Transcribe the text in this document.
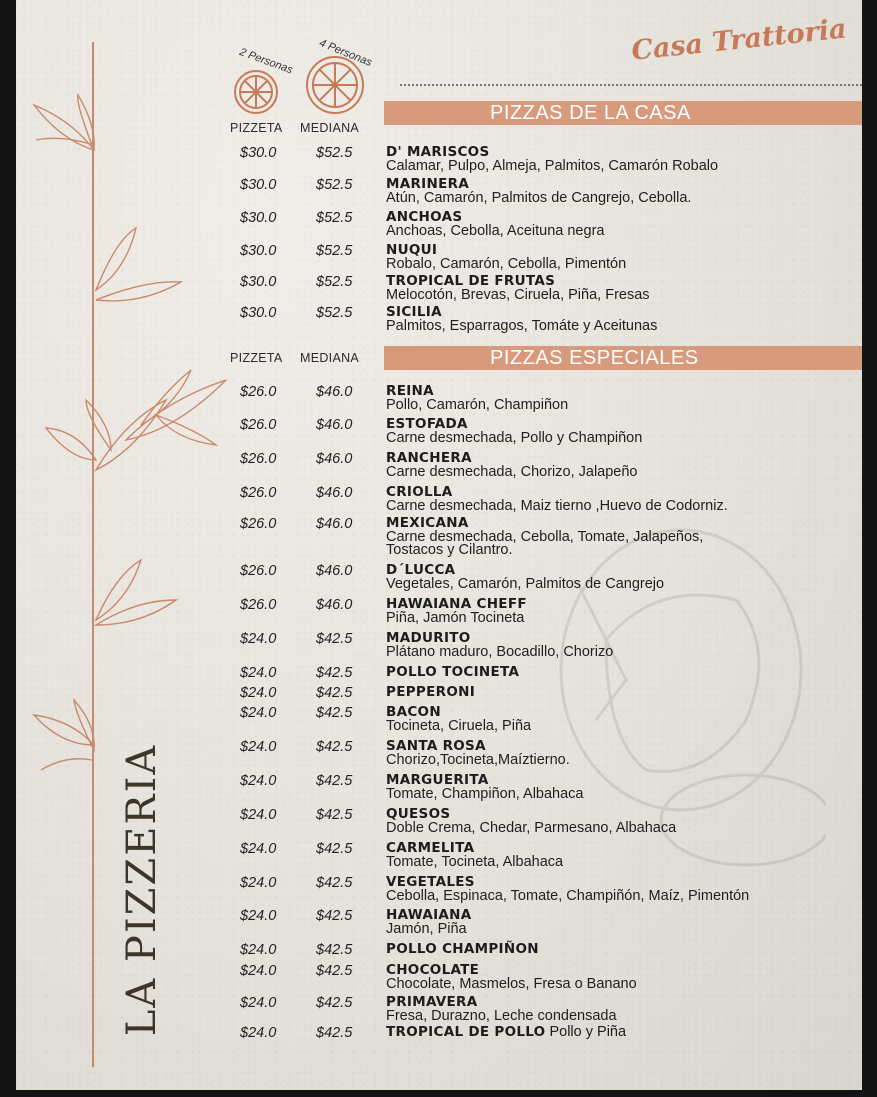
2 Personas 4 Personas	Casa Trattoria
LA PIZZERIA
PIZZAS DE LA CASA
PIZZETA MEDIANA
$30.0	$52.5 D' MARISCOS
Calamar, Pulpo, Almeja, Palmitos, Camarón Robalo
$30.0	$52.5 MARINERA
Atún, Camarón, Palmitos de Cangrejo, Cebolla.
$30.0	$52.5 ANCHOAS
Anchoas, Cebolla, Aceituna negra
$30.0	$52.5 NUQUI
Robalo, Camarón, Cebolla, Pimentón
$30.0	$52.5 TROPICAL DE FRUTAS
Melocotón, Brevas, Ciruela, Piña, Fresas
$30.0	$52.5 SICILIA
Palmitos, Esparragos, Tomáte y Aceitunas
PIZZAS ESPECIALES
PIZZETA MEDIANA
$26.0	$46.0 REINA
Pollo, Camarón, Champiñon
$26.0	$46.0 ESTOFADA
Carne desmechada, Pollo y Champiñon
$26.0	$46.0 RANCHERA
Carne desmechada, Chorizo, Jalapeño
$26.0	$46.0 CRIOLLA
Carne desmechada, Maiz tierno ,Huevo de Codorniz.
$26.0	$46.0 MEXICANA
Carne desmechada, Cebolla, Tomate, Jalapeños,
Tostacos y Cilantro.
$26.0	$46.0 D´LUCCA
Vegetales, Camarón, Palmitos de Cangrejo
$26.0	$46.0 HAWAIANA CHEFF
Piña, Jamón Tocineta
$24.0	$42.5 MADURITO
Plátano maduro, Bocadillo, Chorizo
$24.0	$42.5 POLLO TOCINETA
$24.0	$42.5 PEPPERONI
$24.0	$42.5 BACON
Tocineta, Ciruela, Piña
$24.0	$42.5 SANTA ROSA
Chorizo,Tocineta,Maíztierno.
$24.0	$42.5 MARGUERITA
Tomate, Champiñon, Albahaca
$24.0	$42.5 QUESOS
Doble Crema, Chedar, Parmesano, Albahaca
$24.0	$42.5 CARMELITA
Tomate, Tocineta, Albahaca
$24.0	$42.5 VEGETALES
Cebolla, Espinaca, Tomate, Champiñón, Maíz, Pimentón
$24.0	$42.5 HAWAIANA
Jamón, Piña
$24.0	$42.5 POLLO CHAMPIÑON
$24.0	$42.5 CHOCOLATE
Chocolate, Masmelos, Fresa o Banano
$24.0	$42.5 PRIMAVERA
Fresa, Durazno, Leche condensada
$24.0	$42.5 TROPICAL DE POLLO Pollo y Piña
